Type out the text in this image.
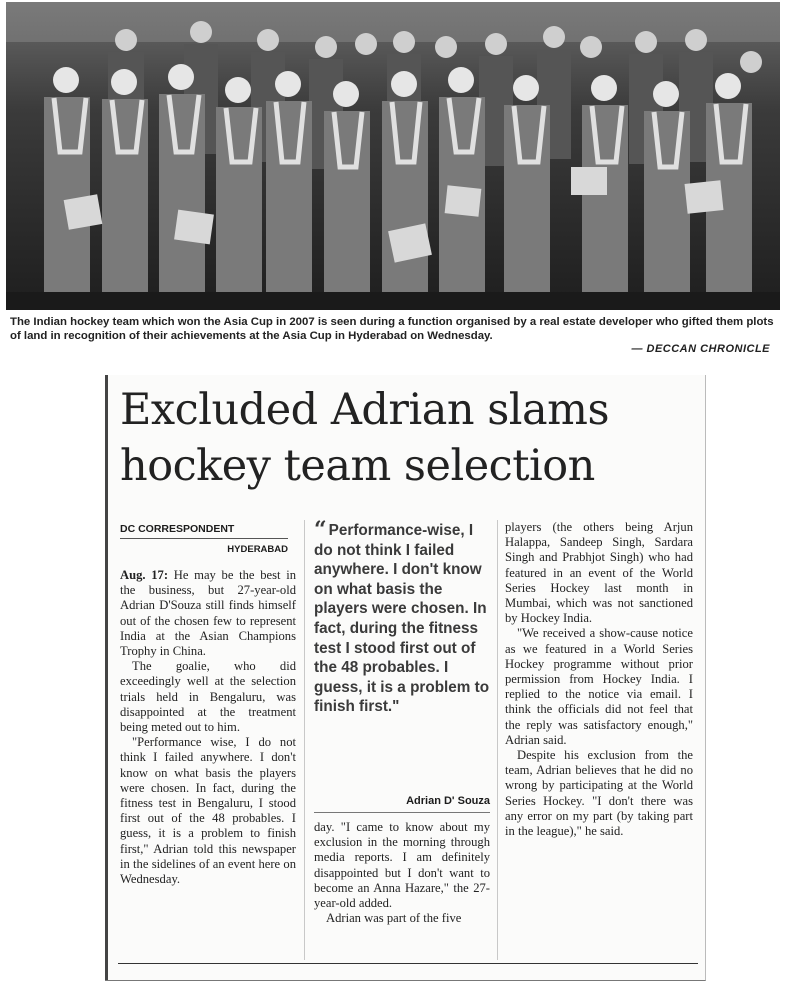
The Indian hockey team which won the Asia Cup in 2007 is seen during a function organised by a real estate developer who gifted them plots of land in recognition of their achievements at the Asia Cup in Hyderabad on Wednesday.
— DECCAN CHRONICLE
Excluded Adrian slams
hockey team selection
DC CORRESPONDENT
HYDERABAD

Aug. 17: He may be the best in the business, but 27-year-old Adrian D'Souza still finds himself out of the chosen few to represent India at the Asian Champions Trophy in China.

The goalie, who did exceedingly well at the selection trials held in Bengaluru, was disappointed at the treatment being meted out to him.

"Performance wise, I do not think I failed anywhere. I don't know on what basis the players were chosen. In fact, during the fitness test in Bengaluru, I stood first out of the 48 probables. I guess, it is a problem to finish first," Adrian told this newspaper in the sidelines of an event here on Wednesday.

“ Performance-wise, I do not think I failed anywhere. I don't know on what basis the players were chosen. In fact, during the fitness test I stood first out of the 48 probables. I guess, it is a problem to finish first."
Adrian D' Souza

day. "I came to know about my exclusion in the morning through media reports. I am definitely disappointed but I don't want to become an Anna Hazare," the 27-year-old added.

Adrian was part of the five

players (the others being Arjun Halappa, Sandeep Singh, Sardara Singh and Prabhjot Singh) who had featured in an event of the World Series Hockey last month in Mumbai, which was not sanctioned by Hockey India.

"We received a show-cause notice as we featured in a World Series Hockey programme without prior permission from Hockey India. I replied to the notice via email. I think the officials did not feel that the reply was satisfactory enough," Adrian said.

Despite his exclusion from the team, Adrian believes that he did no wrong by participating at the World Series Hockey. "I don't there was any error on my part (by taking part in the league)," he said.
